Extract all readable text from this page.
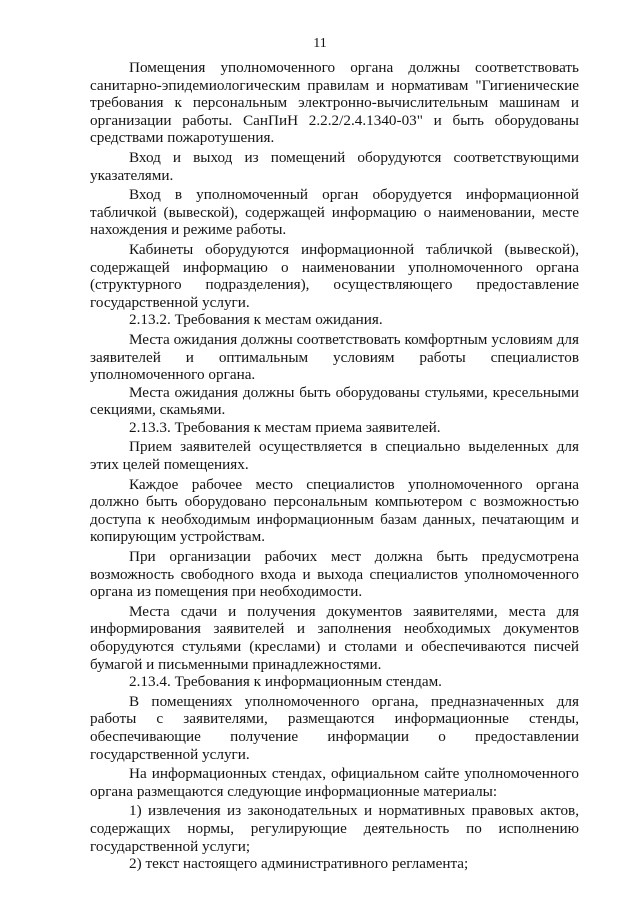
11

Помещения уполномоченного органа должны соответствовать санитарно-эпидемиологическим правилам и нормативам "Гигиенические требования к персональным электронно-вычислительным машинам и организации работы. СанПиН 2.2.2/2.4.1340-03" и быть оборудованы средствами пожаротушения.

Вход и выход из помещений оборудуются соответствующими указателями.

Вход в уполномоченный орган оборудуется информационной табличкой (вывеской), содержащей информацию о наименовании, месте нахождения и режиме работы.

Кабинеты оборудуются информационной табличкой (вывеской), содержащей информацию о наименовании уполномоченного органа (структурного подразделения), осуществляющего предоставление государственной услуги.

2.13.2. Требования к местам ожидания.

Места ожидания должны соответствовать комфортным условиям для заявителей и оптимальным условиям работы специалистов уполномоченного органа.

Места ожидания должны быть оборудованы стульями, кресельными секциями, скамьями.

2.13.3. Требования к местам приема заявителей.

Прием заявителей осуществляется в специально выделенных для этих целей помещениях.

Каждое рабочее место специалистов уполномоченного органа должно быть оборудовано персональным компьютером с возможностью доступа к необходимым информационным базам данных, печатающим и копирующим устройствам.

При организации рабочих мест должна быть предусмотрена возможность свободного входа и выхода специалистов уполномоченного органа из помещения при необходимости.

Места сдачи и получения документов заявителями, места для информирования заявителей и заполнения необходимых документов оборудуются стульями (креслами) и столами и обеспечиваются писчей бумагой и письменными принадлежностями.

2.13.4. Требования к информационным стендам.

В помещениях уполномоченного органа, предназначенных для работы с заявителями, размещаются информационные стенды, обеспечивающие получение информации о предоставлении государственной услуги.

На информационных стендах, официальном сайте уполномоченного органа размещаются следующие информационные материалы:

1) извлечения из законодательных и нормативных правовых актов, содержащих нормы, регулирующие деятельность по исполнению государственной услуги;

2) текст настоящего административного регламента;
